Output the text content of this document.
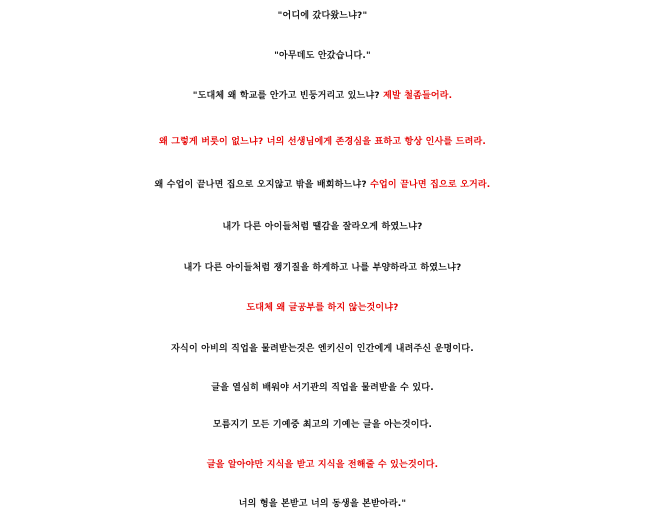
"어디에 갔다왔느냐?"
"아무데도 안갔습니다."
"도대체 왜 학교를 안가고 빈둥거리고 있느냐? 제발 철좀들어라.
왜 그렇게 버릇이 없느냐? 너의 선생님에게 존경심을 표하고 항상 인사를 드려라.
왜 수업이 끝나면 집으로 오지않고 밖을 배회하느냐? 수업이 끝나면 집으로 오거라.
내가 다른 아이들처럼 땔감을 잘라오게 하였느냐?
내가 다른 아이들처럼 쟁기질을 하게하고 나를 부양하라고 하였느냐?
도대체 왜 글공부를 하지 않는것이냐?
자식이 아비의 직업을 물려받는것은 엔키신이 인간에게 내려주신 운명이다.
글을 열심히 배워야 서기관의 직업을 물려받을 수 있다.
모름지기 모든 기예중 최고의 기예는 글을 아는것이다.
글을 알아야만 지식을 받고 지식을 전해줄 수 있는것이다.
너의 형을 본받고 너의 동생을 본받아라."
